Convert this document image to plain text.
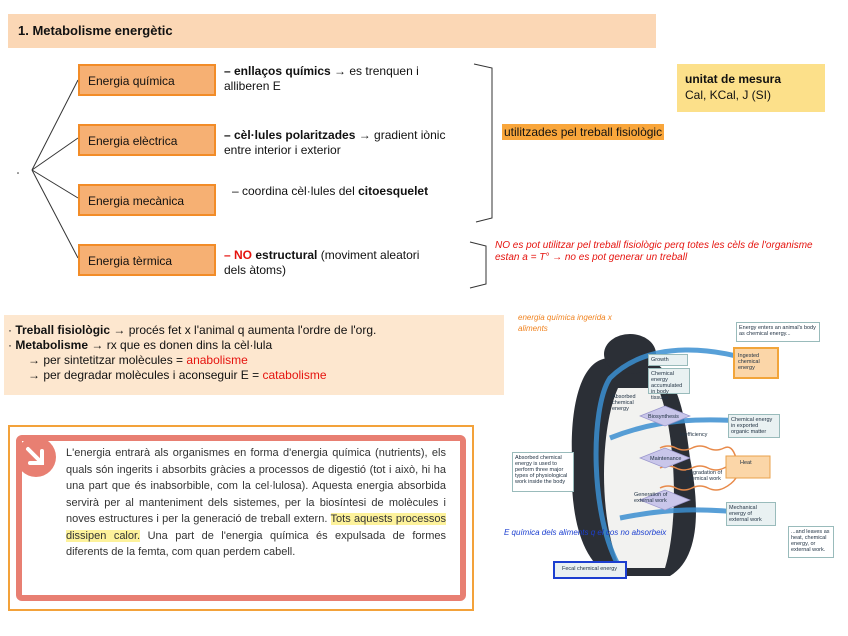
1. Metabolisme energètic
Energia química
Energia elèctrica
Energia mecànica
Energia tèrmica
– enllaços químics → es trenquen i alliberen E
– cèl·lules polaritzades → gradient iònic entre interior i exterior
– coordina cèl·lules del citoesquelet
– NO estructural (moviment aleatori dels àtoms)
unitat de mesura
Cal, KCal, J (SI)
utilitzades pel treball fisiològic
NO es pot utilitzar pel treball fisiològic perq totes les cèls de l'organisme estan a = T° → no es pot generar un treball
· Treball fisiològic → procés fet x l'animal q aumenta l'ordre de l'org.
· Metabolisme → rx que es donen dins la cèl·lula
→ per sintetitzar molècules = anabolisme
→ per degradar molècules i aconseguir E = catabolisme
L'energia entrarà als organismes en forma d'energia química (nutrients), els quals són ingerits i absorbits gràcies a processos de digestió (tot i això, hi ha una part que és inabsorbible, com la cel·lulosa). Aquesta energia absorbida servirà per al manteniment dels sistemes, per la biosíntesi de molècules i noves estructures i per la generació de treball extern. Tots aquests processos dissipen calor. Una part de l'energia química és expulsada de formes diferents de la femta, com quan perdem cabell.
energia química ingerida x aliments	Energy enters an animal's body as chemical energy...
Ingested chemical energy
Growth
Chemical energy accumulated in body tissues
Absorbed chemical energy
Biosynthesis
Maintenance
Generation of external work
Inefficiency
Degradation of chemical work
Heat
Chemical energy in exported organic matter
Mechanical energy of external work
Absorbed chemical energy is used to perform three major types of physiological work inside the body
...and leaves as heat, chemical energy, or external work.
Fecal chemical energy
E química dels aliments q el cos no absorbeix
